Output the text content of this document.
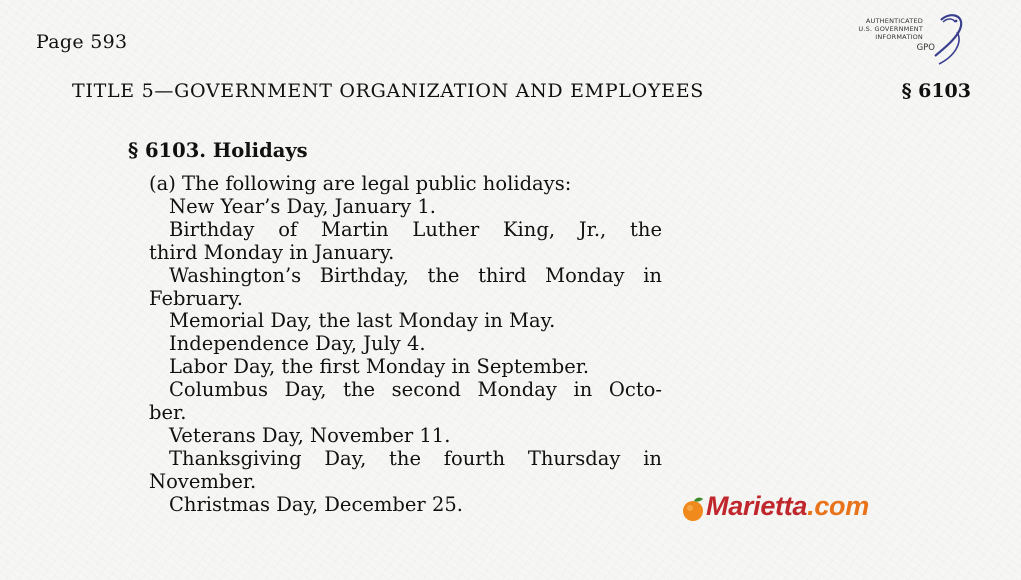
Page 593
TITLE 5—GOVERNMENT ORGANIZATION AND EMPLOYEES	§ 6103
AUTHENTICATED
U.S. GOVERNMENT
INFORMATION
GPO
§ 6103. Holidays
(a) The following are legal public holidays:
New Year’s Day, January 1.
Birthday of Martin Luther King, Jr., the
third Monday in January.
Washington’s Birthday, the third Monday in
February.
Memorial Day, the last Monday in May.
Independence Day, July 4.
Labor Day, the first Monday in September.
Columbus Day, the second Monday in Octo-
ber.
Veterans Day, November 11.
Thanksgiving Day, the fourth Thursday in
November.
Christmas Day, December 25.	Marietta.com
